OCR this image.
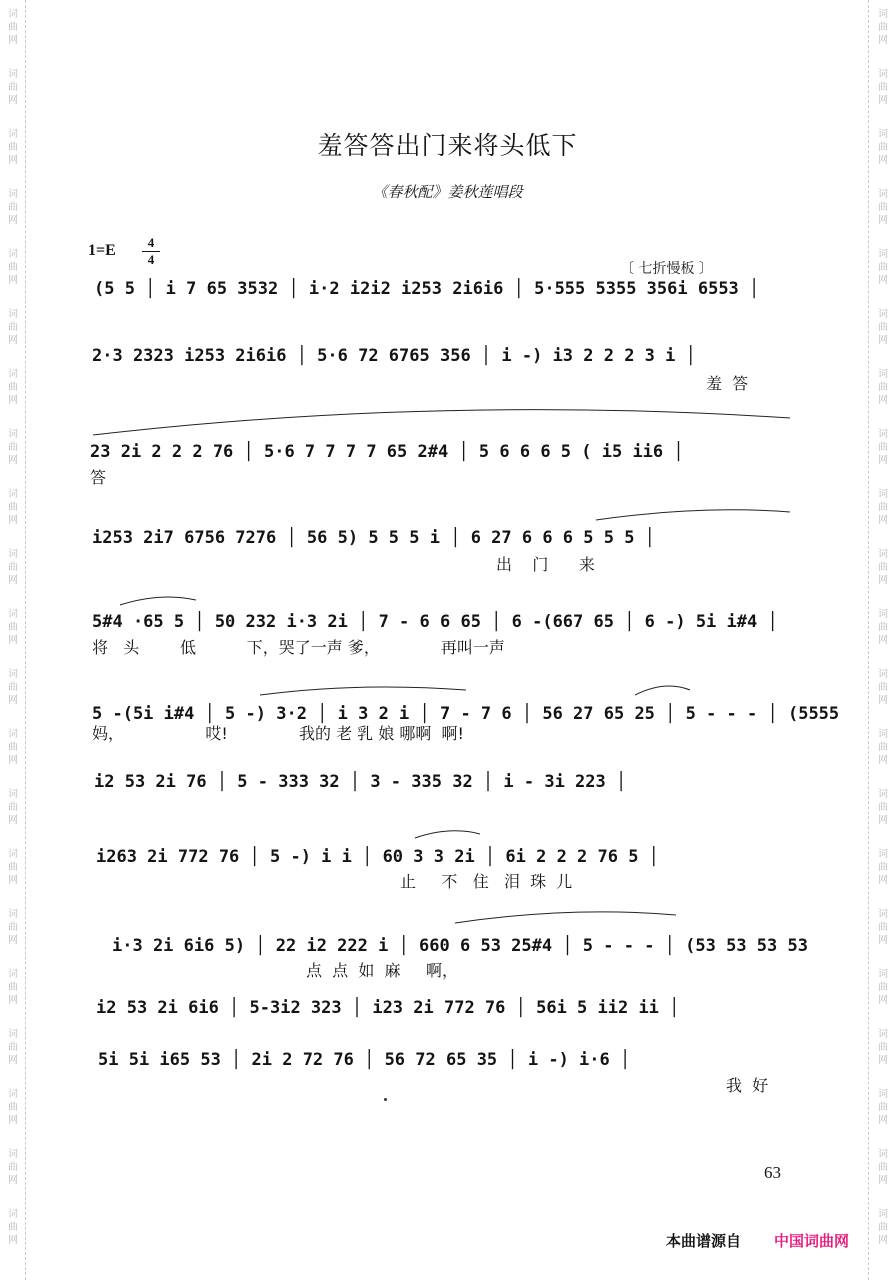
词
曲
网
词
曲
网
词
曲
网
词
曲
网
词
曲
网
词
曲
网
词
曲
网
词
曲
网
词
曲
网
词
曲
网
词
曲
网
词
曲
网
词
曲
网
词
曲
网
词
曲
网
词
曲
网
词
曲
网
词
曲
网
词
曲
网
词
曲
网
词
曲
网
词
曲
网
词
曲
网
词
曲
网
词
曲
网
词
曲
网
词
曲
网
词
曲
网
词
曲
网
词
曲
网
词
曲
网
词
曲
网
词
曲
网
词
曲
网
词
曲
网
词
曲
网
词
曲
网
词
曲
网
词
曲
网
词
曲
网
词
曲
网
词
曲
网
羞答答出门来将头低下
《春秋配》姜秋莲唱段
1=E	4
4
〔 七折慢板 〕
(5 5 │ i 7 65 3532 │ i·2 i2i2 i253 2i6i6 │ 5·555 5355 356i 6553 │
2·3 2323 i253 2i6i6 │ 5·6 72 6765 356 │ i -) i3 2 2 2 3 i │
羞  答
23 2i 2 2 2 76 │ 5·6 7 7 7 7 65 2#4 │ 5 6 6 6 5 ( i5 ii6 │
答
i253 2i7 6756 7276 │ 56 5) 5 5 5 i │ 6 27 6 6 6 5 5 5 │
出    门      来
5#4 ·65 5 │ 50 232 i·3 2i │ 7 - 6 6 65 │ 6 -(667 65 │ 6 -) 5i i#4 │
将   头        低          下，哭了一声 爹，            再叫一声
5 -(5i i#4 │ 5 -) 3·2 │ i 3 2 i │ 7 - 7 6 │ 56 27 65 25 │ 5 - - - │ (5555
妈，                哎!              我的 老 乳 娘 哪啊  啊!
i2 53 2i 76 │ 5 - 333 32 │ 3 - 335 32 │ i - 3i 223 │
i263 2i 772 76 │ 5 -) i i │ 60 3 3 2i │ 6i 2 2 2 76 5 │
止     不   住   泪  珠  儿
i·3 2i 6i6 5) │ 22 i2 222 i │ 660 6 53 25#4 │ 5 - - - │ (53 53 53 53
点  点  如  麻     啊，
i2 53 2i 6i6 │ 5-3i2 323 │ i23 2i 772 76 │ 56i 5 ii2 ii │
5i 5i i65 53 │ 2i 2 72 76 │ 56 72 65 35 │ i -) i·6 │
我  好
63
本曲谱源自 中国词曲网
